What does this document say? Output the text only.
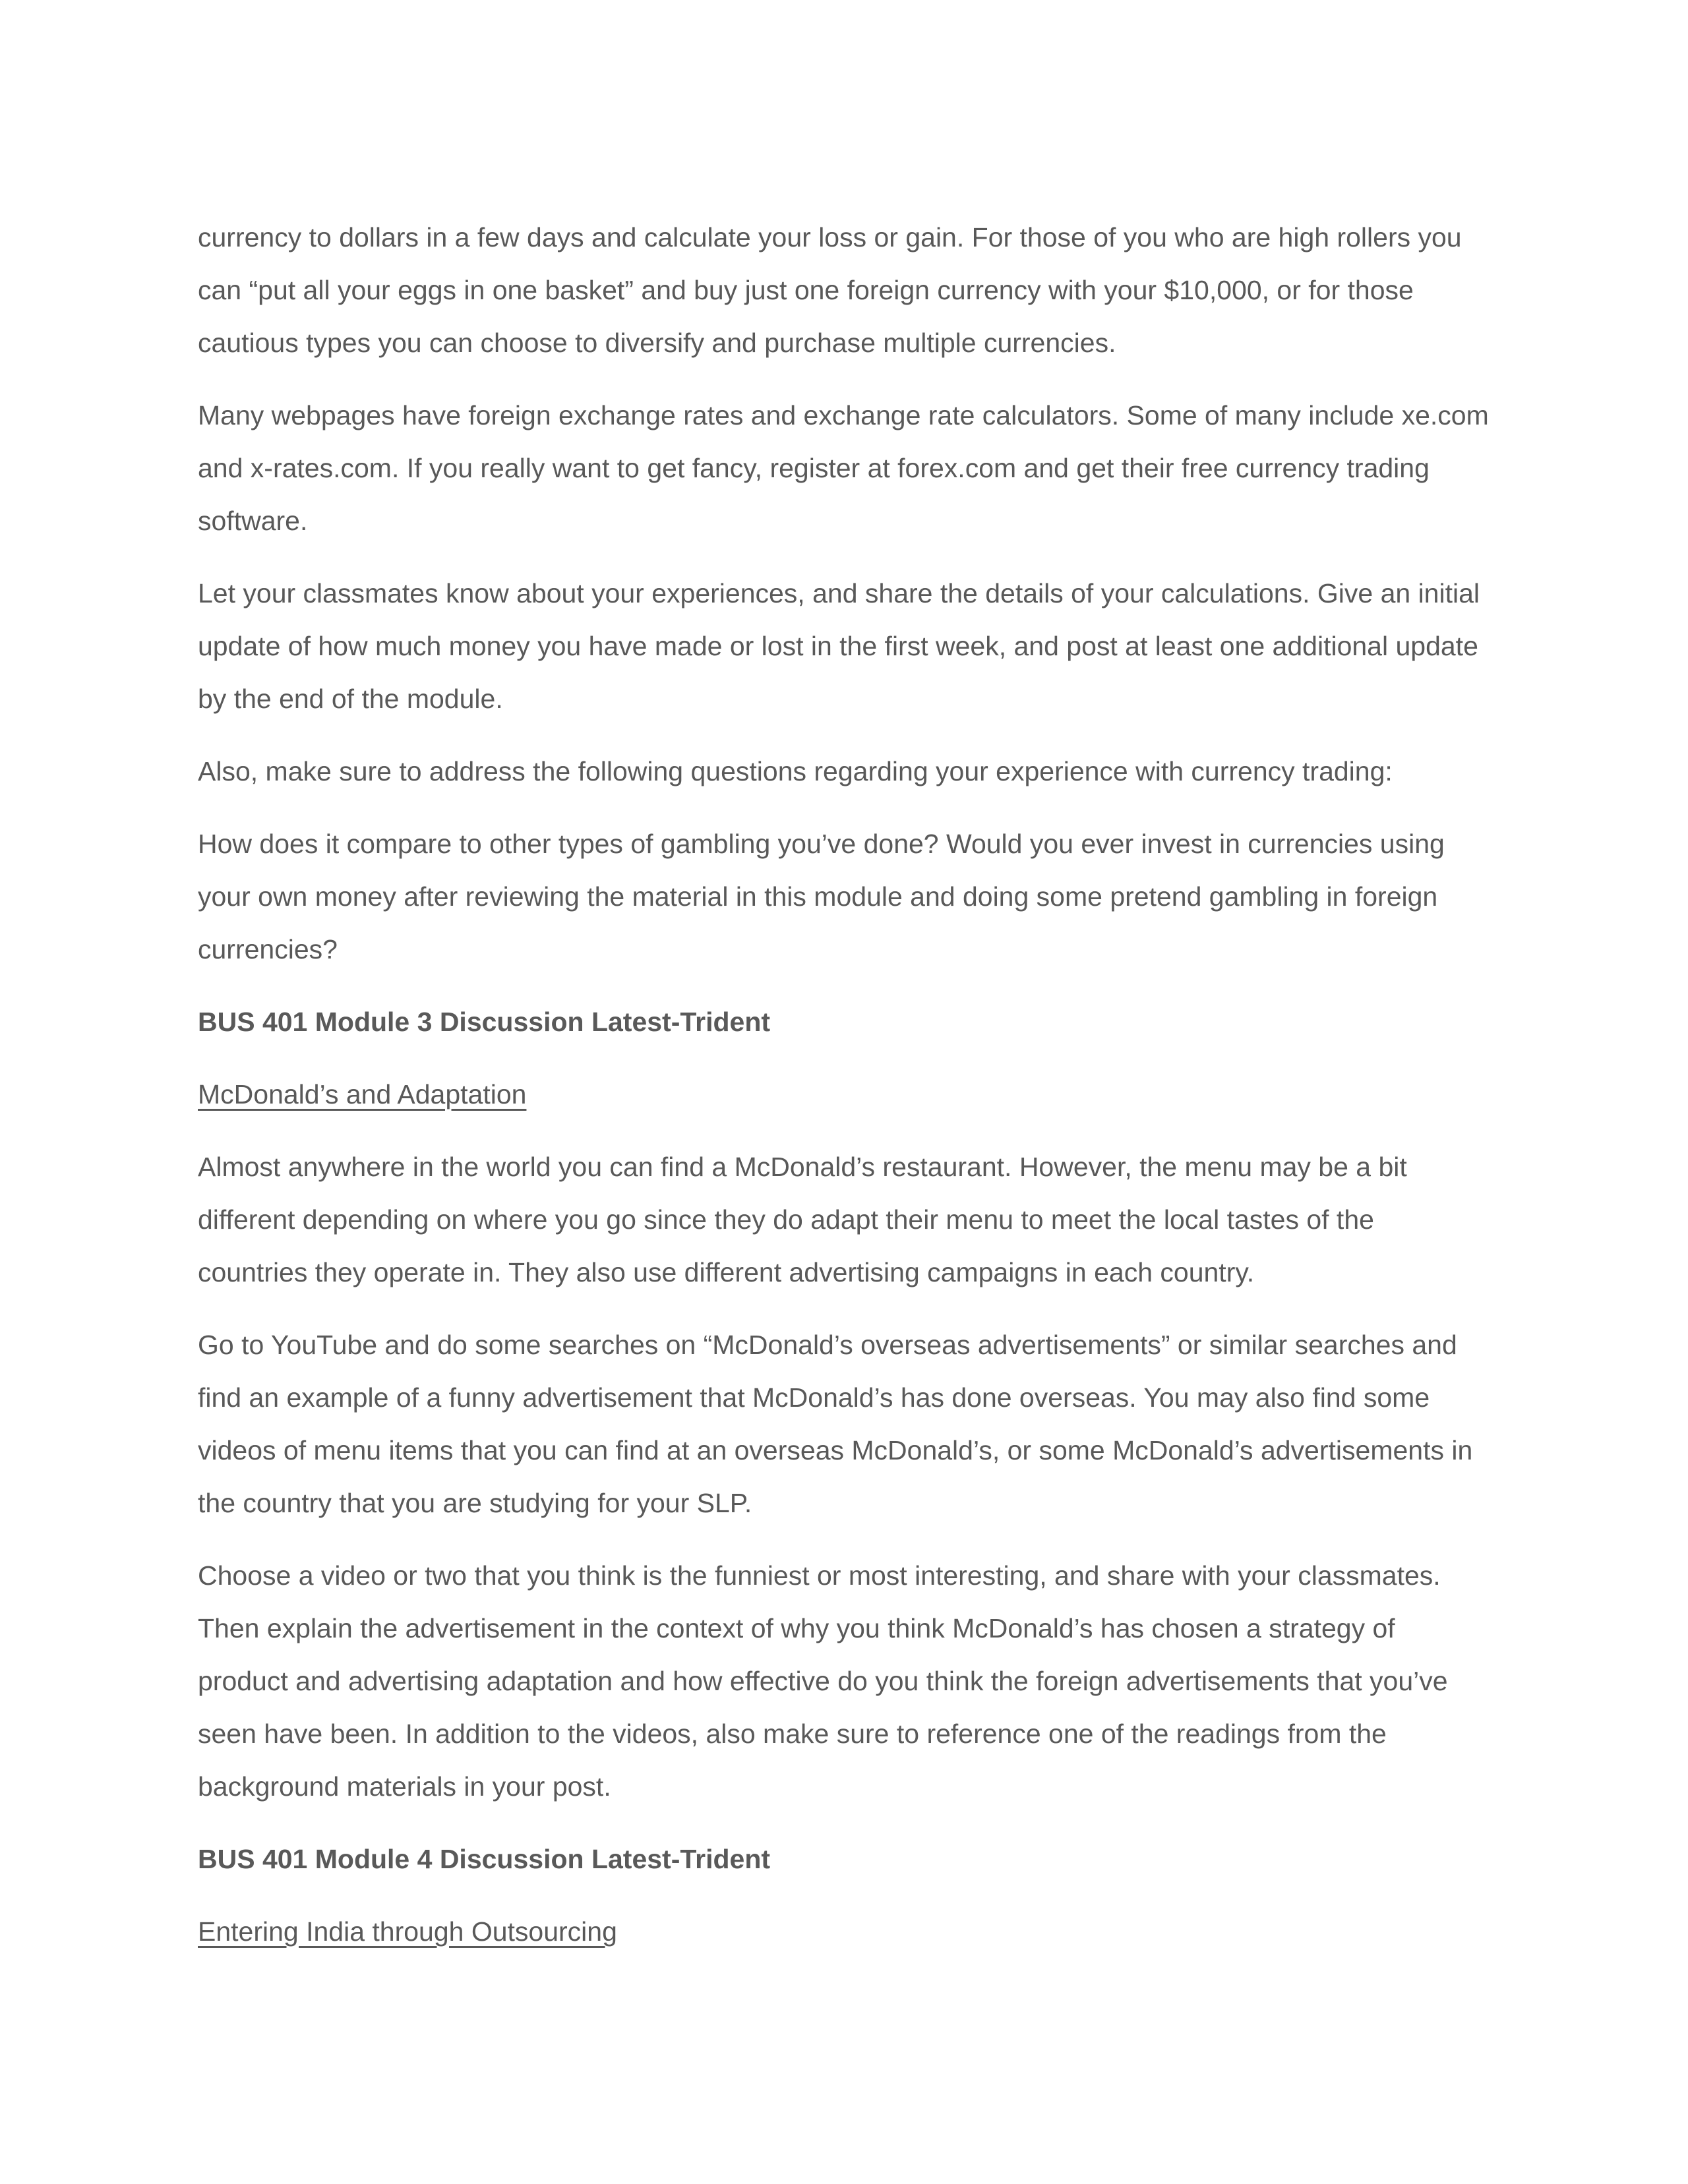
currency to dollars in a few days and calculate your loss or gain. For those of you who are high rollers you can “put all your eggs in one basket” and buy just one foreign currency with your $10,000, or for those cautious types you can choose to diversify and purchase multiple currencies.

Many webpages have foreign exchange rates and exchange rate calculators. Some of many include xe.com and x-rates.com. If you really want to get fancy, register at forex.com and get their free currency trading software.

Let your classmates know about your experiences, and share the details of your calculations. Give an initial update of how much money you have made or lost in the first week, and post at least one additional update by the end of the module.

Also, make sure to address the following questions regarding your experience with currency trading:

How does it compare to other types of gambling you’ve done? Would you ever invest in currencies using your own money after reviewing the material in this module and doing some pretend gambling in foreign currencies?

BUS 401 Module 3 Discussion Latest-Trident

McDonald’s and Adaptation

Almost anywhere in the world you can find a McDonald’s restaurant. However, the menu may be a bit different depending on where you go since they do adapt their menu to meet the local tastes of the countries they operate in. They also use different advertising campaigns in each country.

Go to YouTube and do some searches on “McDonald’s overseas advertisements” or similar searches and find an example of a funny advertisement that McDonald’s has done overseas. You may also find some videos of menu items that you can find at an overseas McDonald’s, or some McDonald’s advertisements in the country that you are studying for your SLP.

Choose a video or two that you think is the funniest or most interesting, and share with your classmates. Then explain the advertisement in the context of why you think McDonald’s has chosen a strategy of product and advertising adaptation and how effective do you think the foreign advertisements that you’ve seen have been. In addition to the videos, also make sure to reference one of the readings from the background materials in your post.

BUS 401 Module 4 Discussion Latest-Trident

Entering India through Outsourcing
